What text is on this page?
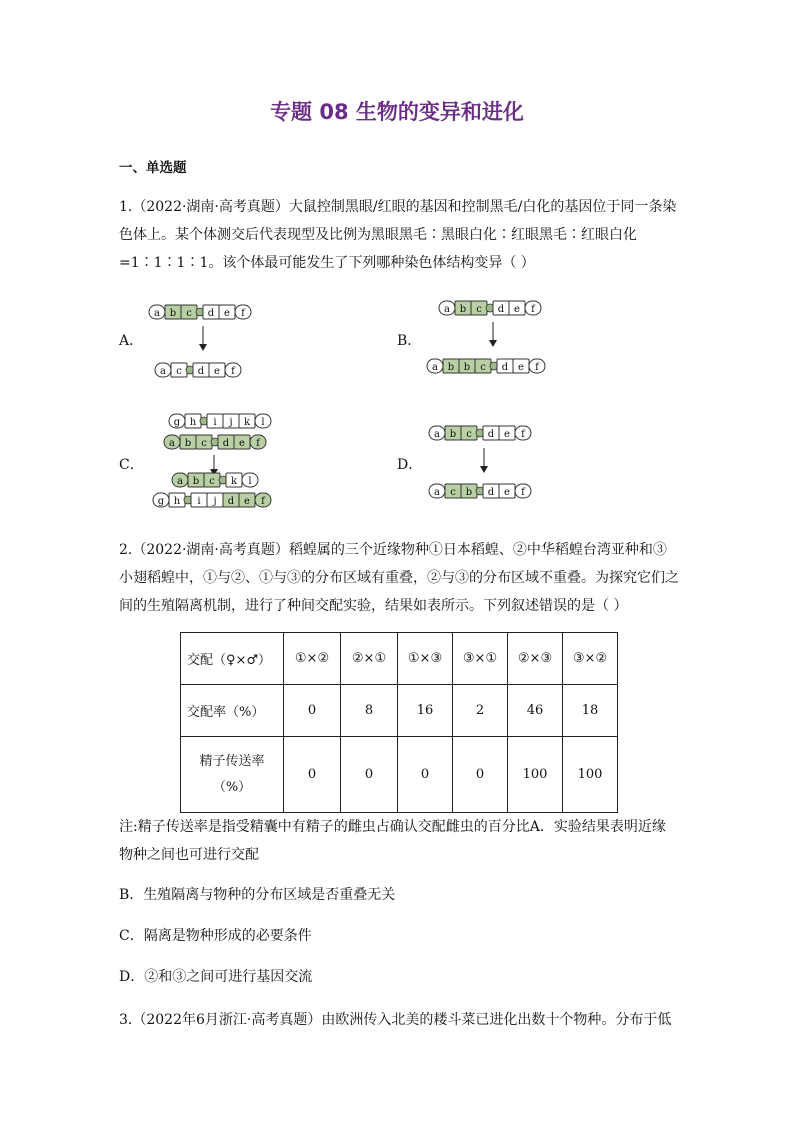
专题 08 生物的变异和进化
一、单选题
1.（2022·湖南·高考真题）大鼠控制黑眼/红眼的基因和控制黑毛/白化的基因位于同一条染色体上。某个体测交后代表现型及比例为黑眼黑毛∶黑眼白化∶红眼黑毛∶红眼白化=1∶1∶1∶1。该个体最可能发生了下列哪种染色体结构变异（ ）
A．	B．
C．	D．
a b c d e f
a c d e f
a b c d e f
a b b c d e f
g h i j k l
a b c d e f
a b c k l
g h i j d e f
a b c d e f
a c b d e f
2.（2022·湖南·高考真题）稻蝗属的三个近缘物种①日本稻蝗、②中华稻蝗台湾亚种和③小翅稻蝗中，①与②、①与③的分布区域有重叠，②与③的分布区域不重叠。为探究它们之间的生殖隔离机制，进行了种间交配实验，结果如表所示。下列叙述错误的是（ ）
交配（♀×♂）	①×②	②×①	①×③	③×①	②×③	③×②
交配率（%）	0	8	16	2	46	18
精子传送率（%）	0	0	0	0	100	100
注:精子传送率是指受精囊中有精子的雌虫占确认交配雌虫的百分比A．实验结果表明近缘物种之间也可进行交配
B．生殖隔离与物种的分布区域是否重叠无关
C．隔离是物种形成的必要条件
D．②和③之间可进行基因交流
3.（2022年6月浙江·高考真题）由欧洲传入北美的耧斗菜已进化出数十个物种。分布于低
